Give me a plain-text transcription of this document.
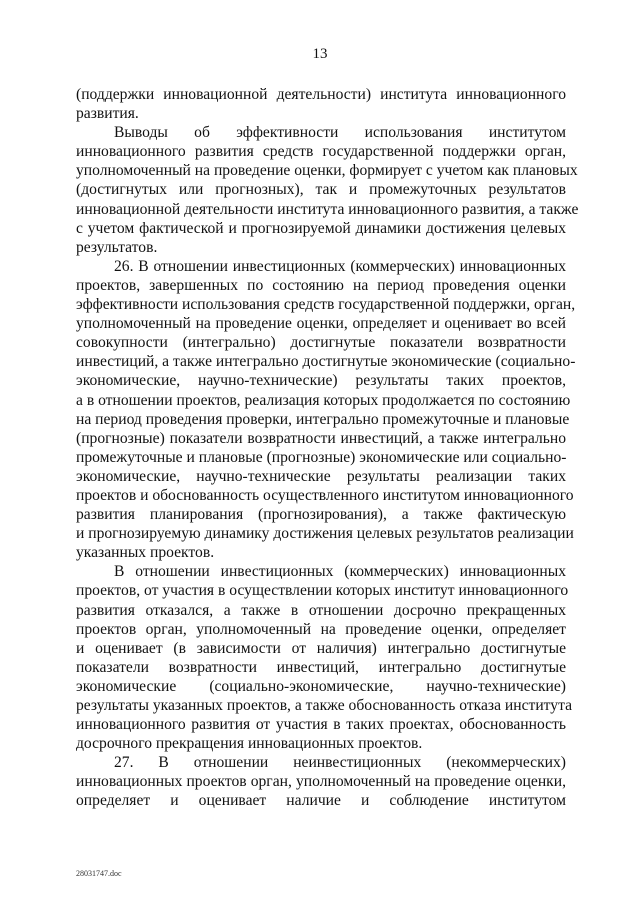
13

(поддержки инновационной деятельности) института инновационного
развития.

Выводы об эффективности использования институтом
инновационного развития средств государственной поддержки орган,
уполномоченный на проведение оценки, формирует с учетом как плановых
(достигнутых или прогнозных), так и промежуточных результатов
инновационной деятельности института инновационного развития, а также
с учетом фактической и прогнозируемой динамики достижения целевых
результатов.

26. В отношении инвестиционных (коммерческих) инновационных
проектов, завершенных по состоянию на период проведения оценки
эффективности использования средств государственной поддержки, орган,
уполномоченный на проведение оценки, определяет и оценивает во всей
совокупности (интегрально) достигнутые показатели возвратности
инвестиций, а также интегрально достигнутые экономические (социально-
экономические, научно-технические) результаты таких проектов,
а в отношении проектов, реализация которых продолжается по состоянию
на период проведения проверки, интегрально промежуточные и плановые
(прогнозные) показатели возвратности инвестиций, а также интегрально
промежуточные и плановые (прогнозные) экономические или социально-
экономические, научно-технические результаты реализации таких
проектов и обоснованность осуществленного институтом инновационного
развития планирования (прогнозирования), а также фактическую
и прогнозируемую динамику достижения целевых результатов реализации
указанных проектов.

В отношении инвестиционных (коммерческих) инновационных
проектов, от участия в осуществлении которых институт инновационного
развития отказался, а также в отношении досрочно прекращенных
проектов орган, уполномоченный на проведение оценки, определяет
и оценивает (в зависимости от наличия) интегрально достигнутые
показатели возвратности инвестиций, интегрально достигнутые
экономические (социально-экономические, научно-технические)
результаты указанных проектов, а также обоснованность отказа института
инновационного развития от участия в таких проектах, обоснованность
досрочного прекращения инновационных проектов.

27. В отношении неинвестиционных (некоммерческих)
инновационных проектов орган, уполномоченный на проведение оценки,
определяет и оценивает наличие и соблюдение институтом

28031747.doc
